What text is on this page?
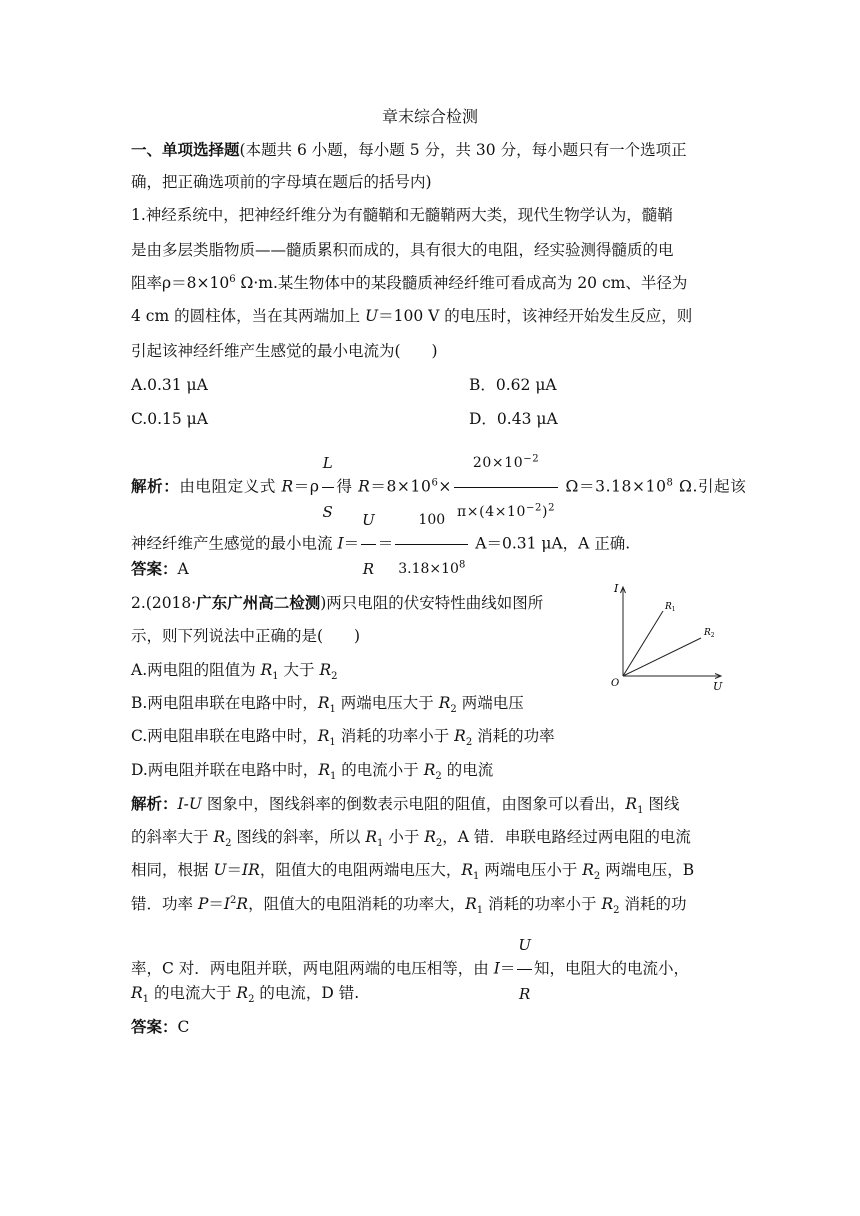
章末综合检测
一、单项选择题(本题共 6 小题，每小题 5 分，共 30 分，每小题只有一个选项正
确，把正确选项前的字母填在题后的括号内)
1.神经系统中，把神经纤维分为有髓鞘和无髓鞘两大类，现代生物学认为，髓鞘
是由多层类脂物质——髓质累积而成的，具有很大的电阻，经实验测得髓质的电
阻率$\rho=8\times 10^6$ Ω·m.某生物体中的某段髓质神经纤维可看成高为 20 cm、半径为
4 cm 的圆柱体，当在其两端加上 U＝100 V 的电压时，该神经开始发生反应，则
引起该神经纤维产生感觉的最小电流为(　　)
A.0.31 μA	B．0.62 μA
C.0.15 μA	D．0.43 μA
解析：由电阻定义式 $R=\rho \frac{L}{S}$ 得 $R=8\times 10^6\times \frac{20\times 10^{-2}}{\pi\times(4\times 10^{-2})^2} \Omega=3.18\times 10^8$ Ω.引起该
神经纤维产生感觉的最小电流 $I= \frac{U}{R} = \frac{100}{3.18\times 10^8} A=0.31$ μA，A 正确.
答案：A
2.(2018·广东广州高二检测)两只电阻的伏安特性曲线如图所
示，则下列说法中正确的是(　　)
A.两电阻的阻值为 $R_1$ 大于 $R_2$
B.两电阻串联在电路中时，$R_1$ 两端电压大于 $R_2$ 两端电压
C.两电阻串联在电路中时，$R_1$ 消耗的功率小于 $R_2$ 消耗的功率
D.两电阻并联在电路中时，$R_1$ 的电流小于 $R_2$ 的电流
I
U
O
$R_1$
$R_2$
解析：I-U 图象中，图线斜率的倒数表示电阻的阻值，由图象可以看出，$R_1$ 图线
的斜率大于 $R_2$ 图线的斜率，所以 $R_1$ 小于 $R_2$，A 错．串联电路经过两电阻的电流
相同，根据 U＝IR，阻值大的电阻两端电压大，$R_1$ 两端电压小于 $R_2$ 两端电压，B
错．功率 $P=I^2R$，阻值大的电阻消耗的功率大，$R_1$ 消耗的功率小于 $R_2$ 消耗的功
率，C 对．两电阻并联，两电阻两端的电压相等，由 $I= \frac{U}{R}$ 知，电阻大的电流小，
$R_1$ 的电流大于 $R_2$ 的电流，D 错.
答案：C
